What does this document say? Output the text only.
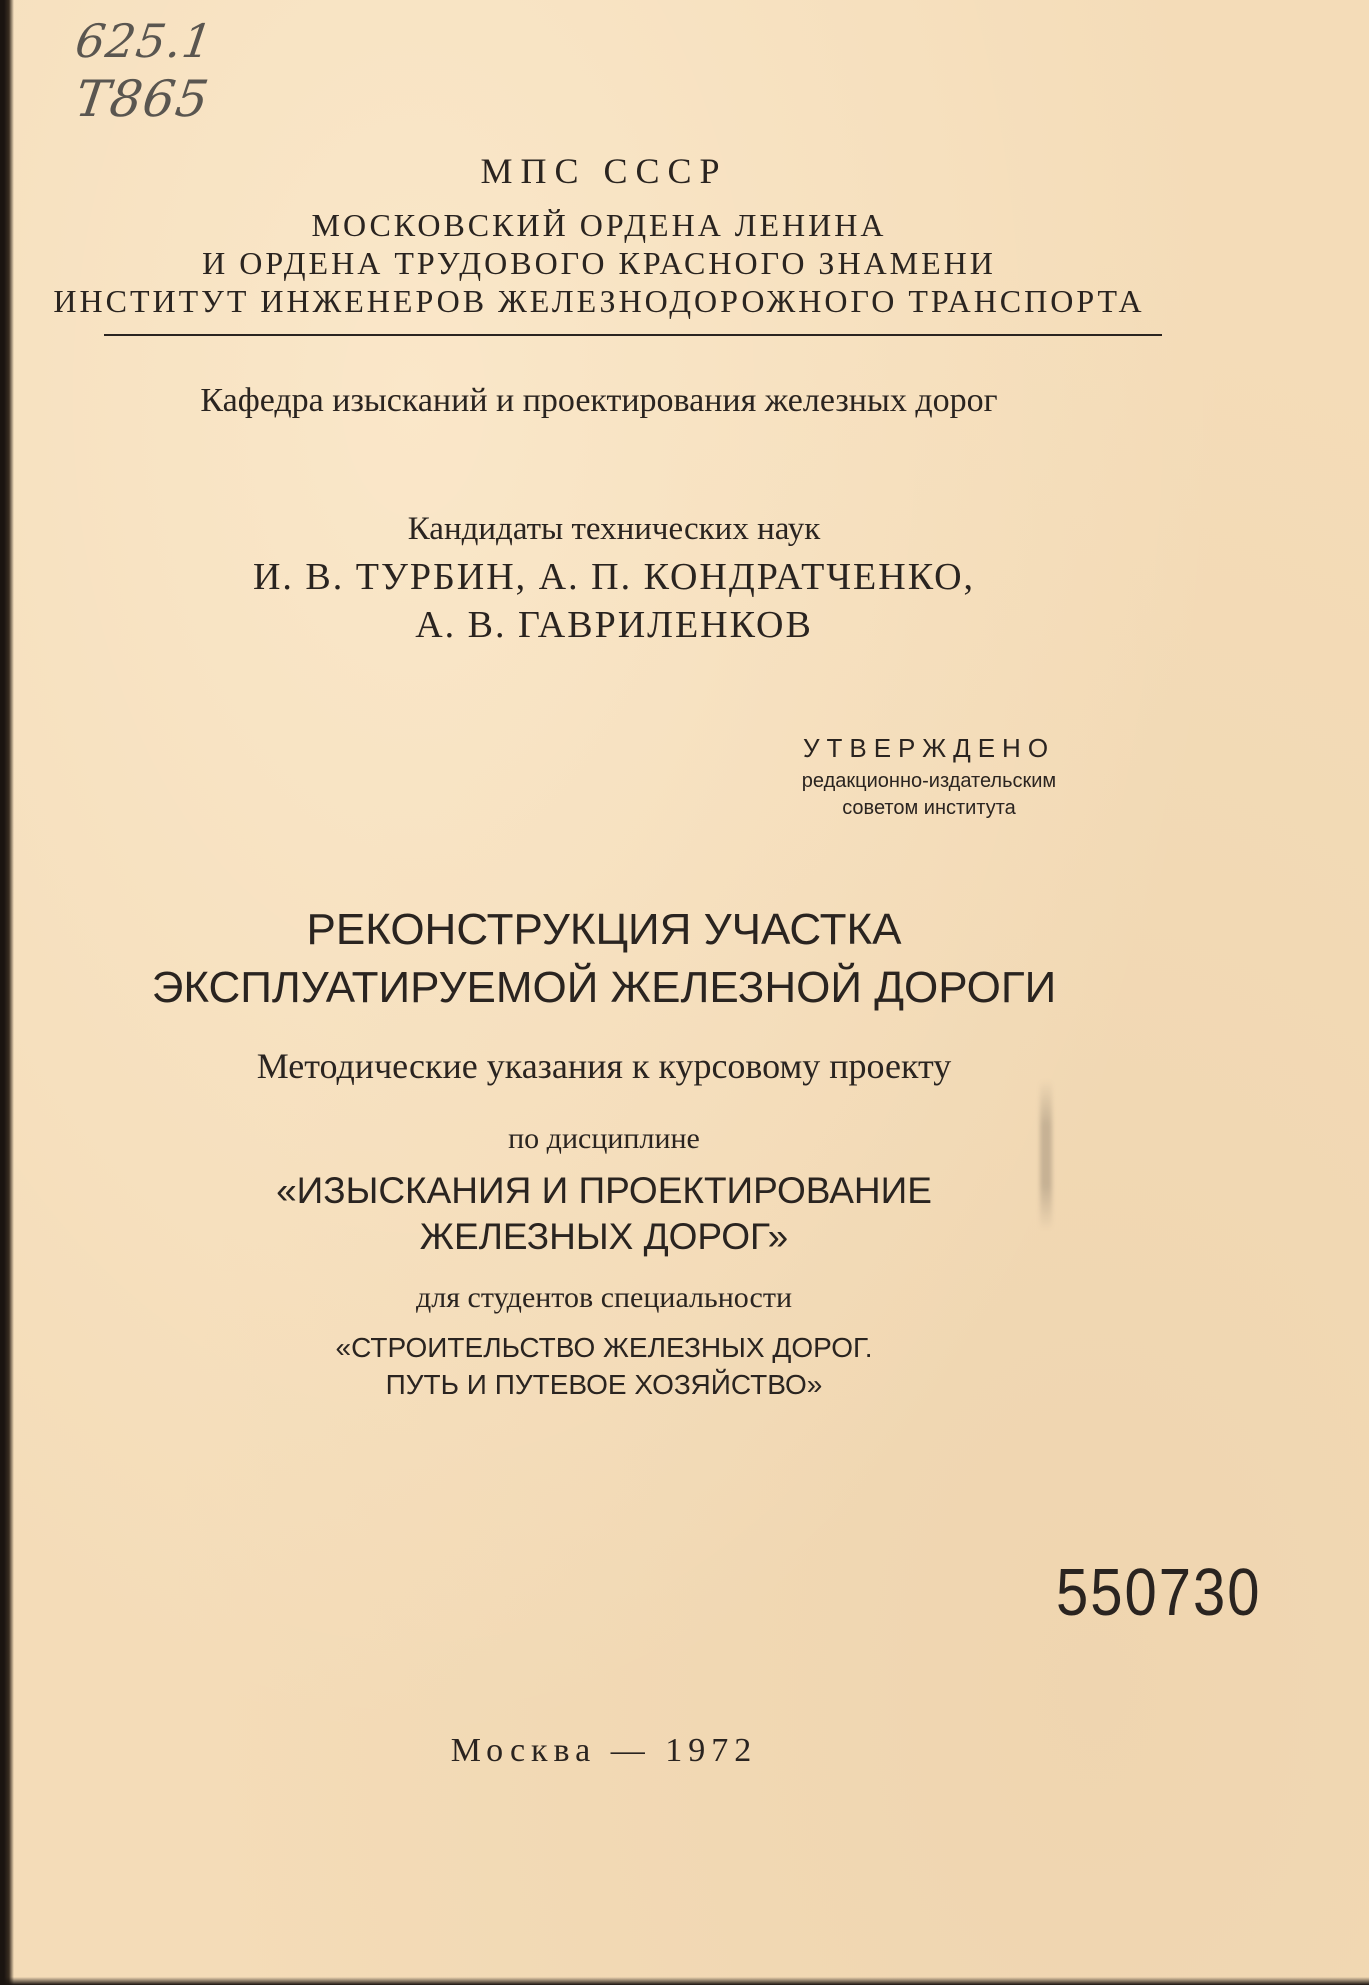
625.1
Т865
МПС СССР
МОСКОВСКИЙ ОРДЕНА ЛЕНИНА
И ОРДЕНА ТРУДОВОГО КРАСНОГО ЗНАМЕНИ
ИНСТИТУТ ИНЖЕНЕРОВ ЖЕЛЕЗНОДОРОЖНОГО ТРАНСПОРТА
Кафедра изысканий и проектирования железных дорог
Кандидаты технических наук
И. В. ТУРБИН, А. П. КОНДРАТЧЕНКО,
А. В. ГАВРИЛЕНКОВ
УТВЕРЖДЕНО
редакционно-издательским
советом института
РЕКОНСТРУКЦИЯ УЧАСТКА
ЭКСПЛУАТИРУЕМОЙ ЖЕЛЕЗНОЙ ДОРОГИ
Методические указания к курсовому проекту
по дисциплине
«ИЗЫСКАНИЯ И ПРОЕКТИРОВАНИЕ
ЖЕЛЕЗНЫХ ДОРОГ»
для студентов специальности
«СТРОИТЕЛЬСТВО ЖЕЛЕЗНЫХ ДОРОГ.
ПУТЬ И ПУТЕВОЕ ХОЗЯЙСТВО»
550730
Москва — 1972
